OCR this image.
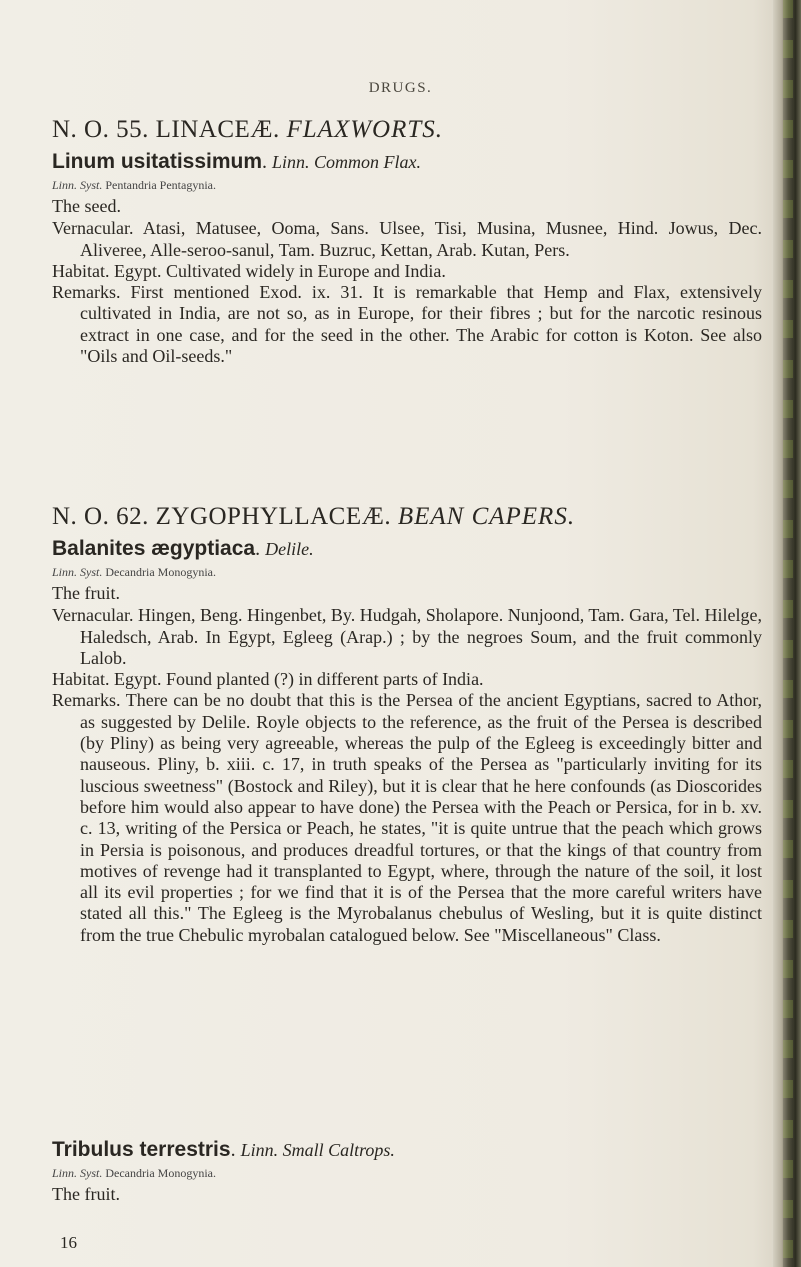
DRUGS.
N. O. 55. LINACEÆ. FLAXWORTS.
Linum usitatissimum. Linn. Common Flax.
Linn. Syst. Pentandria Pentagynia.
The seed.
Vernacular. Atasi, Matusee, Ooma, Sans. Ulsee, Tisi, Musina, Musnee, Hind. Jowus, Dec. Aliveree, Alle-seroo-sanul, Tam. Buzruc, Kettan, Arab. Kutan, Pers.
Habitat. Egypt. Cultivated widely in Europe and India.
Remarks. First mentioned Exod. ix. 31. It is remarkable that Hemp and Flax, extensively cultivated in India, are not so, as in Europe, for their fibres ; but for the narcotic resinous extract in one case, and for the seed in the other. The Arabic for cotton is Koton. See also "Oils and Oil-seeds."
N. O. 62. ZYGOPHYLLACEÆ. BEAN CAPERS.
Balanites ægyptiaca. Delile.
Linn. Syst. Decandria Monogynia.
The fruit.
Vernacular. Hingen, Beng. Hingenbet, By. Hudgah, Sholapore. Nunjoond, Tam. Gara, Tel. Hilelge, Haledsch, Arab. In Egypt, Egleeg (Arap.) ; by the negroes Soum, and the fruit commonly Lalob.
Habitat. Egypt. Found planted (?) in different parts of India.
Remarks. There can be no doubt that this is the Persea of the ancient Egyptians, sacred to Athor, as suggested by Delile. Royle objects to the reference, as the fruit of the Persea is described (by Pliny) as being very agreeable, whereas the pulp of the Egleeg is exceedingly bitter and nauseous. Pliny, b. xiii. c. 17, in truth speaks of the Persea as "particularly inviting for its luscious sweetness" (Bostock and Riley), but it is clear that he here confounds (as Dioscorides before him would also appear to have done) the Persea with the Peach or Persica, for in b. xv. c. 13, writing of the Persica or Peach, he states, "it is quite untrue that the peach which grows in Persia is poisonous, and produces dreadful tortures, or that the kings of that country from motives of revenge had it transplanted to Egypt, where, through the nature of the soil, it lost all its evil properties ; for we find that it is of the Persea that the more careful writers have stated all this." The Egleeg is the Myrobalanus chebulus of Wesling, but it is quite distinct from the true Chebulic myrobalan catalogued below. See "Miscellaneous" Class.
Tribulus terrestris. Linn. Small Caltrops.
Linn. Syst. Decandria Monogynia.
The fruit.
16
